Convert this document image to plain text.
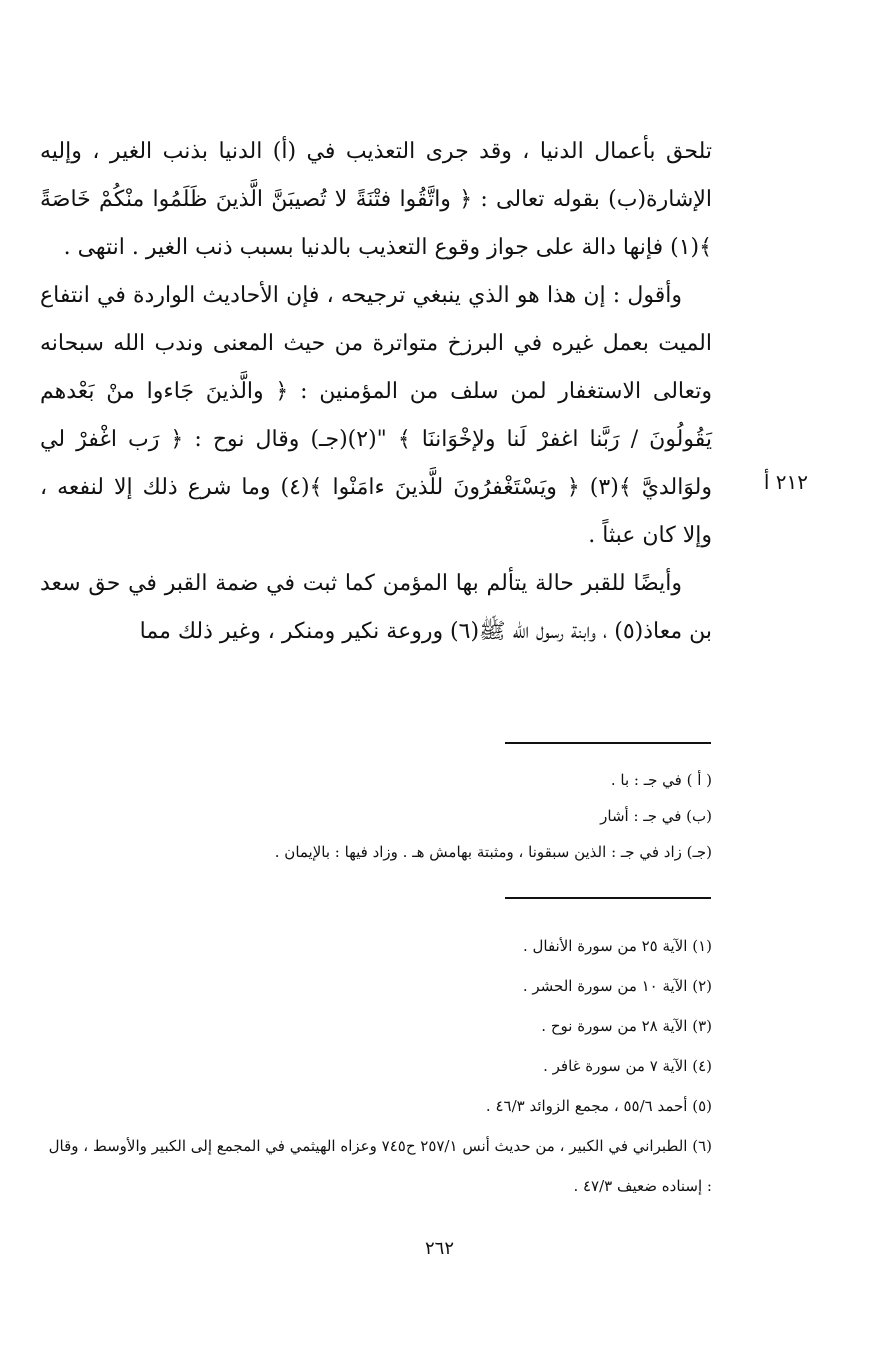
تلحق بأعمال الدنيا ، وقد جرى التعذيب في (أ) الدنيا بذنب الغير ، وإليه الإشارة(ب) بقوله تعالى : ﴿ واتَّقُوا فتْنَةً لا تُصيبَنَّ الَّذينَ ظَلَمُوا منْكُمْ خَاصَةً ﴾(١) فإنها دالة على جواز وقوع التعذيب بالدنيا بسبب ذنب الغير . انتهى .

وأقول : إن هذا هو الذي ينبغي ترجيحه ، فإن الأحاديث الواردة في انتفاع الميت بعمل غيره في البرزخ متواترة من حيث المعنى وندب الله سبحانه وتعالى الاستغفار لمن سلف من المؤمنين : ﴿ والَّذينَ جَاءوا منْ بَعْدهم يَقُولُونَ / رَبَّنا اغفرْ لَنا ولإخْوَاننَا ﴾ "(٢)(جـ) وقال نوح : ﴿ رَب اغْفرْ لي ولوَالديَّ ﴾(٣) ﴿ ويَسْتَغْفرُونَ للَّذينَ ءامَنْوا ﴾(٤) وما شرع ذلك إلا لنفعه ، وإلا كان عبثاً .

وأيضًا للقبر حالة يتألم بها المؤمن كما ثبت في ضمة القبر في حق سعد بن معاذ(٥) ، وابنة رسول الله ﷺ(٦) وروعة نكير ومنكر ، وغير ذلك مما

٢١٢ أ
( أ ) في جـ : با .
(ب) في جـ : أشار
(جـ) زاد في جـ : الذين سبقونا ، ومثبتة بهامش هـ . وزاد فيها : بالإيمان .
(١) الآية ٢٥ من سورة الأنفال .
(٢) الآية ١٠ من سورة الحشر .
(٣) الآية ٢٨ من سورة نوح .
(٤) الآية ٧ من سورة غافر .
(٥) أحمد ٥٥/٦ ، مجمع الزوائد ٤٦/٣ .
(٦) الطبراني في الكبير ، من حديث أنس ٢٥٧/١ ح٧٤٥ وعزاه الهيثمي في المجمع إلى الكبير والأوسط ، وقال : إسناده ضعيف ٤٧/٣ .
٢٦٢
